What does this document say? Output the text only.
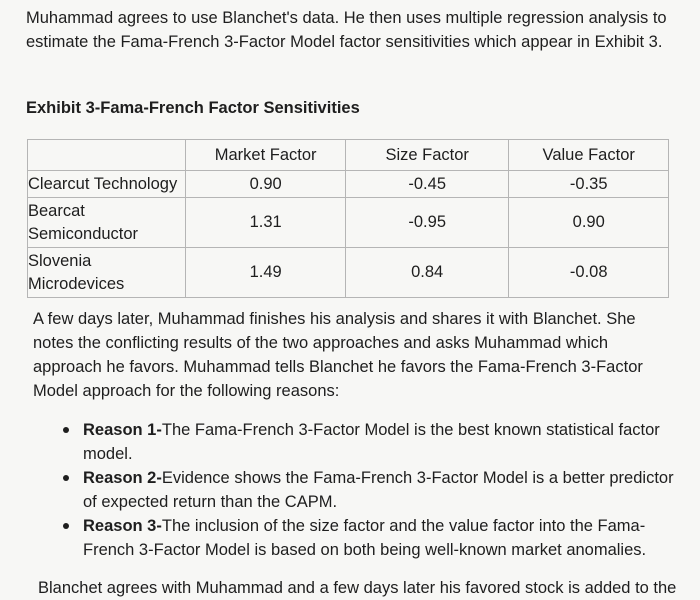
Muhammad agrees to use Blanchet's data. He then uses multiple regression analysis to estimate the Fama-French 3-Factor Model factor sensitivities which appear in Exhibit 3.

Exhibit 3-Fama-French Factor Sensitivities

	Market Factor	Size Factor	Value Factor
Clearcut Technology	0.90	-0.45	-0.35
Bearcat
Semiconductor	1.31	-0.95	0.90
Slovenia
Microdevices	1.49	0.84	-0.08

A few days later, Muhammad finishes his analysis and shares it with Blanchet. She notes the conflicting results of the two approaches and asks Muhammad which approach he favors. Muhammad tells Blanchet he favors the Fama-French 3-Factor Model approach for the following reasons:

Reason 1-The Fama-French 3-Factor Model is the best known statistical factor model.
Reason 2-Evidence shows the Fama-French 3-Factor Model is a better predictor of expected return than the CAPM.
Reason 3-The inclusion of the size factor and the value factor into the Fama-French 3-Factor Model is based on both being well-known market anomalies.

Blanchet agrees with Muhammad and a few days later his favored stock is added to the
